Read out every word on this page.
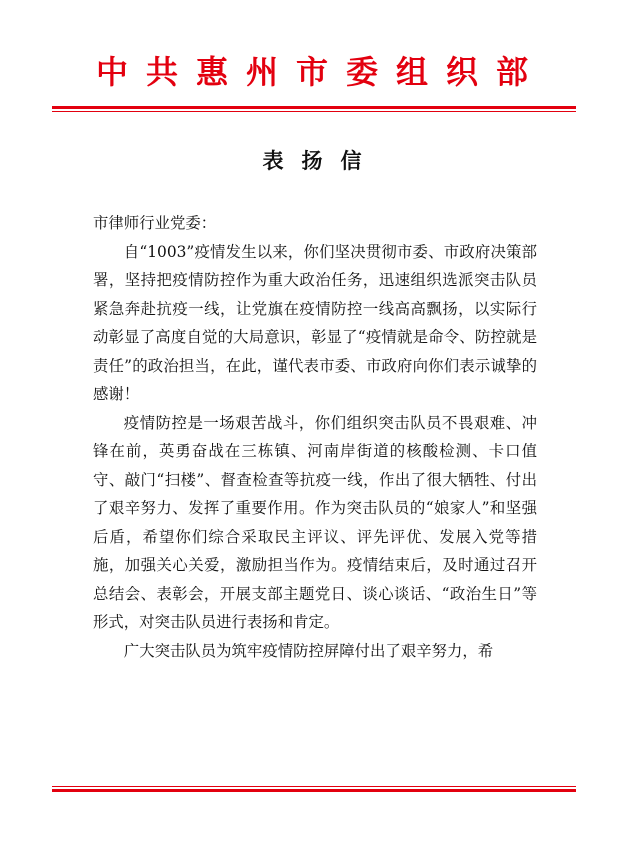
中共惠州市委组织部
表扬信

市律师行业党委：

自“1003”疫情发生以来，你们坚决贯彻市委、市政府决策部署，坚持把疫情防控作为重大政治任务，迅速组织选派突击队员紧急奔赴抗疫一线，让党旗在疫情防控一线高高飘扬，以实际行动彰显了高度自觉的大局意识，彰显了“疫情就是命令、防控就是责任”的政治担当，在此，谨代表市委、市政府向你们表示诚挚的感谢！

疫情防控是一场艰苦战斗，你们组织突击队员不畏艰难、冲锋在前，英勇奋战在三栋镇、河南岸街道的核酸检测、卡口值守、敲门“扫楼”、督查检查等抗疫一线，作出了很大牺牲、付出了艰辛努力、发挥了重要作用。作为突击队员的“娘家人”和坚强后盾，希望你们综合采取民主评议、评先评优、发展入党等措施，加强关心关爱，激励担当作为。疫情结束后，及时通过召开总结会、表彰会，开展支部主题党日、谈心谈话、“政治生日”等形式，对突击队员进行表扬和肯定。

广大突击队员为筑牢疫情防控屏障付出了艰辛努力，希
